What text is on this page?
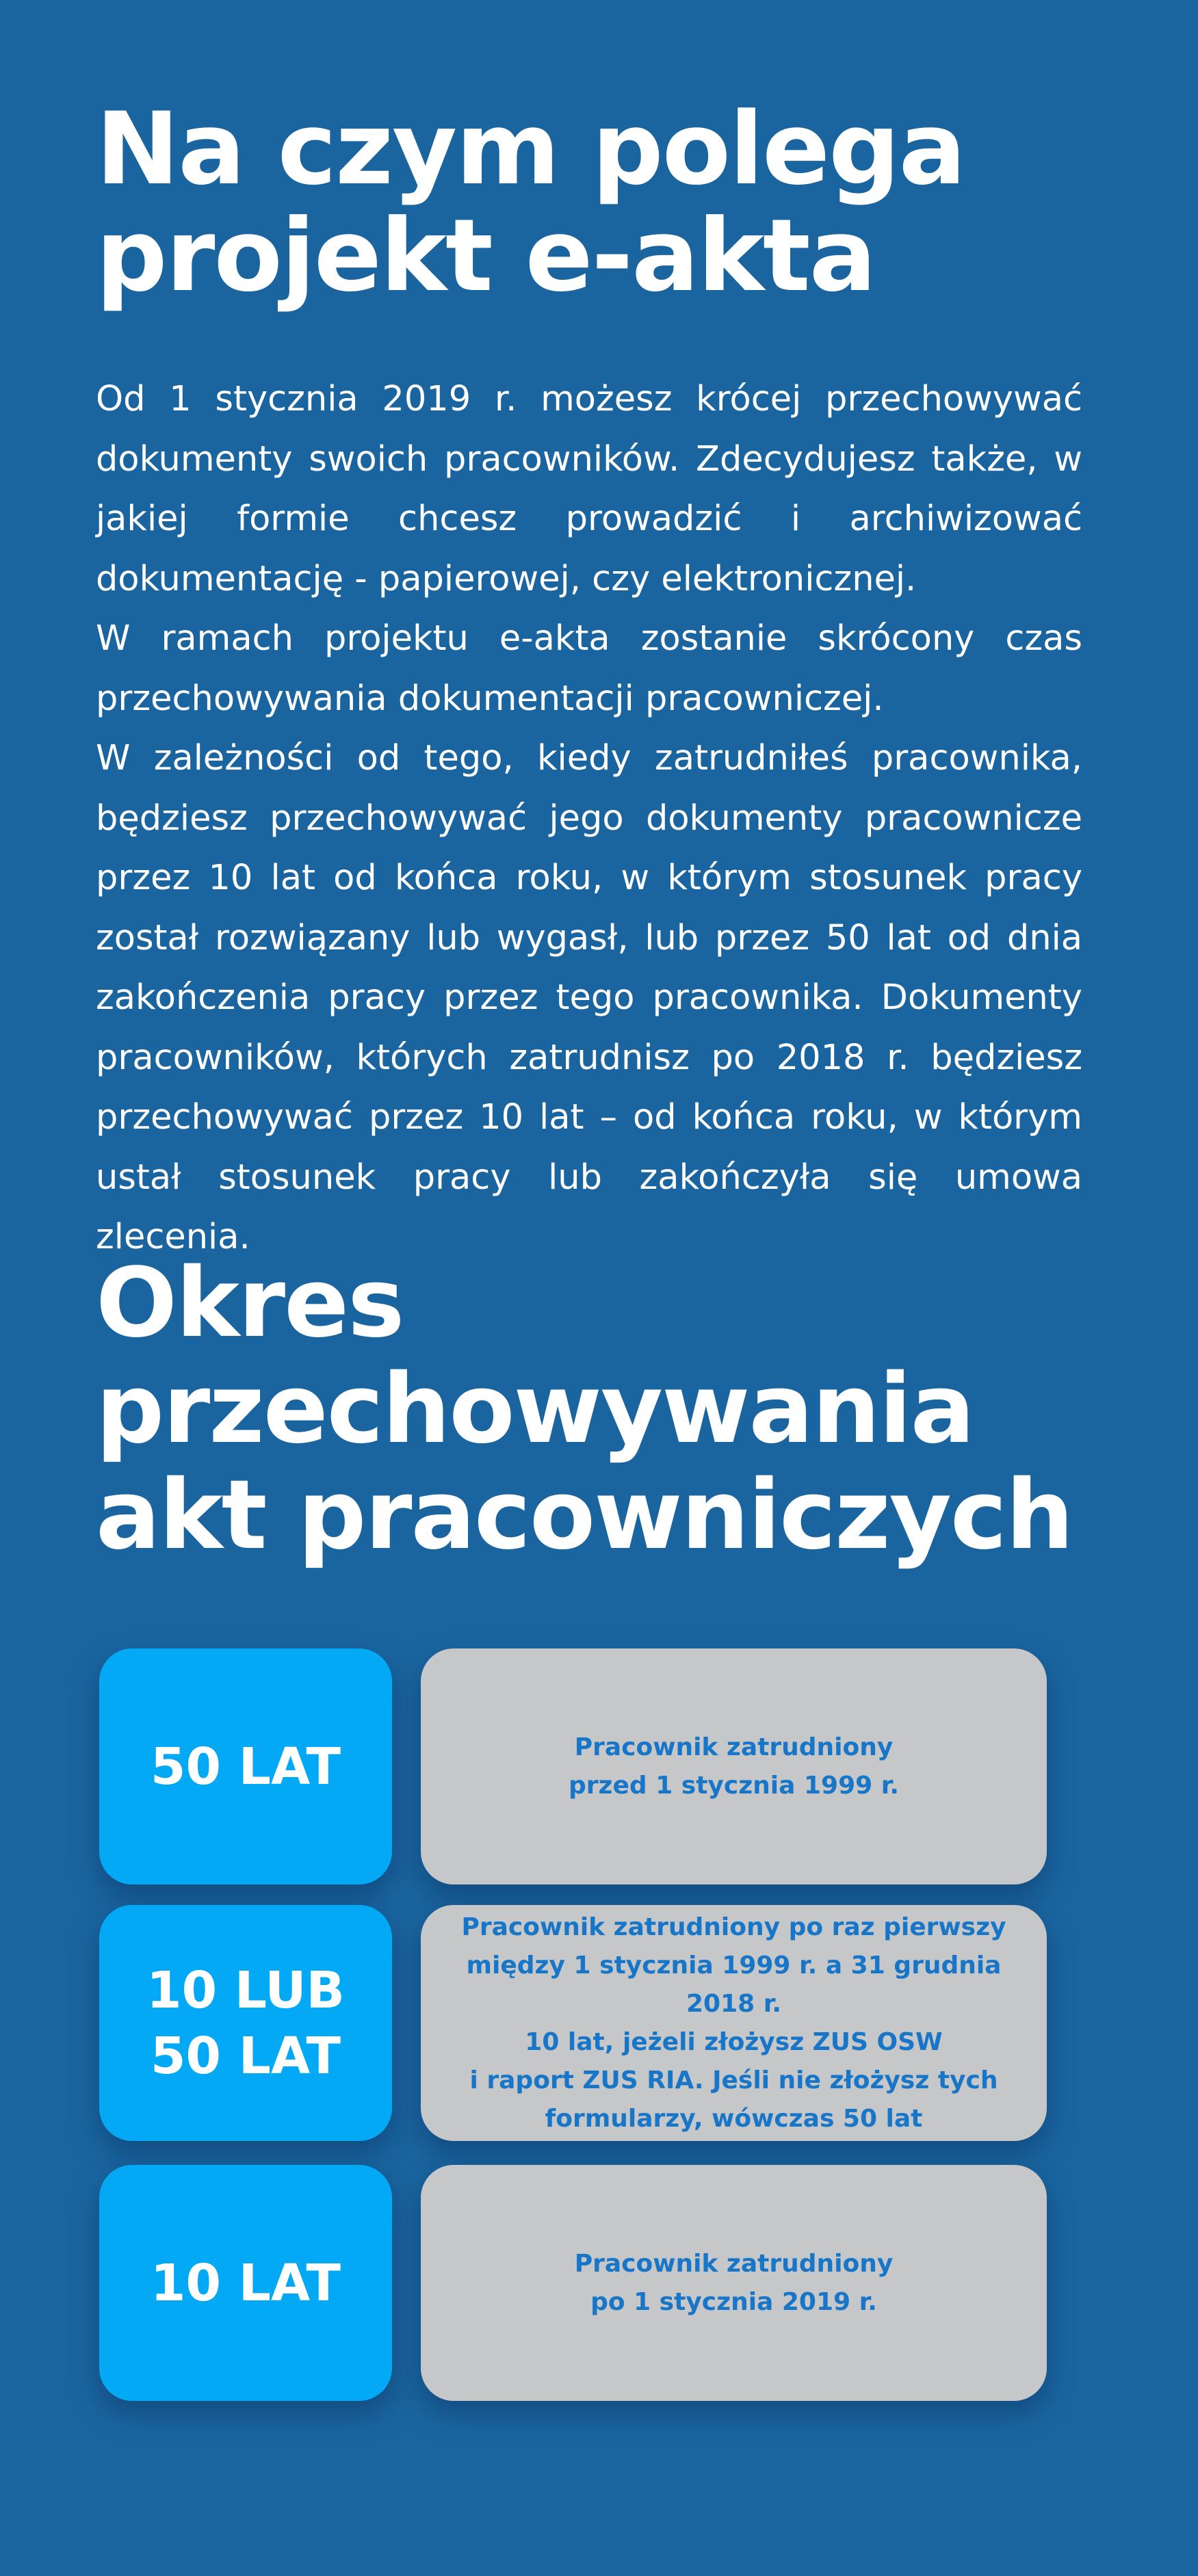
Na czym polega projekt e-akta

Od 1 stycznia 2019 r. możesz krócej przechowywać dokumenty swoich pracowników. Zdecydujesz także, w jakiej formie chcesz prowadzić i archiwizować dokumentację - papierowej, czy elektronicznej.

W ramach projektu e-akta zostanie skrócony czas przechowywania dokumentacji pracowniczej.

W zależności od tego, kiedy zatrudniłeś pracownika, będziesz przechowywać jego dokumenty pracownicze przez 10 lat od końca roku, w którym stosunek pracy został rozwiązany lub wygasł, lub przez 50 lat od dnia zakończenia pracy przez tego pracownika. Dokumenty pracowników, których zatrudnisz po 2018 r. będziesz przechowywać przez 10 lat – od końca roku, w którym ustał stosunek pracy lub zakończyła się umowa zlecenia.

Okres przechowywania akt pracowniczych
50 LAT	Pracownik zatrudniony
przed 1 stycznia 1999 r.
10 LUB
50 LAT
Pracownik zatrudniony po raz pierwszy
między 1 stycznia 1999 r. a 31 grudnia 2018 r.
10 lat, jeżeli złożysz ZUS OSW
i raport ZUS RIA. Jeśli nie złożysz tych
formularzy, wówczas 50 lat
10 LAT	Pracownik zatrudniony
po 1 stycznia 2019 r.
